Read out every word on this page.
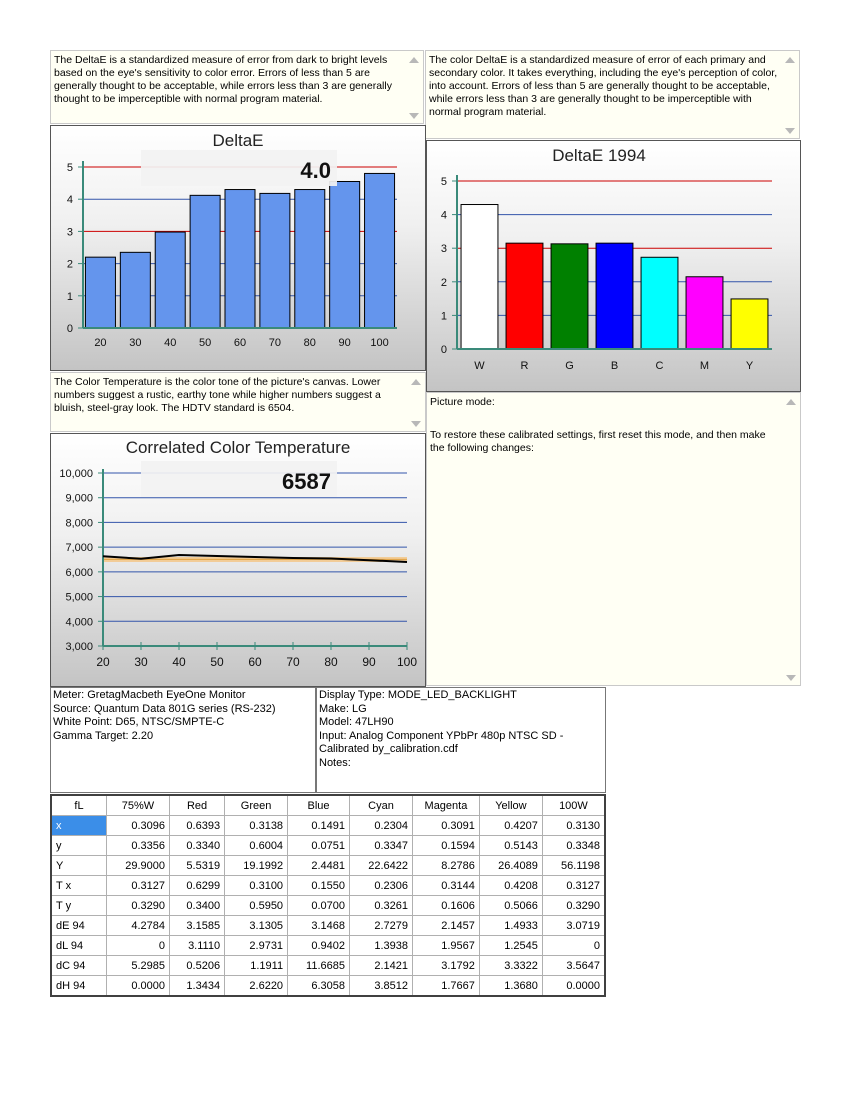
The DeltaE is a standardized measure of error from dark to bright levels based on the eye's sensitivity to color error. Errors of less than 5 are generally thought to be acceptable, while errors less than 3 are generally thought to be imperceptible with normal program material.
The color DeltaE is a standardized measure of error of each primary and secondary color. It takes everything, including the eye's perception of color, into account. Errors of less than 5 are generally thought to be acceptable, while errors less than 3 are generally thought to be imperceptible with normal program material.
DeltaE
0
1
2
3
4
5
20 30 40 50 60 70 80 90 100
4.0
DeltaE 1994
0
1
2
3
4
5
W	R	G	B	C	M	Y
The Color Temperature is the color tone of the picture's canvas. Lower numbers suggest a rustic, earthy tone while higher numbers suggest a bluish, steel-gray look. The HDTV standard is 6504.	Picture mode:
To restore these calibrated settings, first reset this mode, and then make the following changes:
Correlated Color Temperature
3,000
4,000
5,000
6,000
7,000
8,000
9,000
10,000
20 30 40 50 60 70 80 90 100
6587
Meter: GretagMacbeth EyeOne Monitor
Source: Quantum Data 801G series (RS-232)
White Point: D65, NTSC/SMPTE-C
Gamma Target: 2.20
Display Type: MODE_LED_BACKLIGHT
Make: LG
Model: 47LH90
Input: Analog Component YPbPr 480p NTSC SD -
Calibrated by_calibration.cdf
Notes:
fL	75%W	Red	Green	Blue	Cyan	Magenta	Yellow	100W
x	0.3096	0.6393	0.3138	0.1491	0.2304	0.3091	0.4207	0.3130
y	0.3356	0.3340	0.6004	0.0751	0.3347	0.1594	0.5143	0.3348
Y	29.9000	5.5319	19.1992	2.4481	22.6422	8.2786	26.4089	56.1198
T x	0.3127	0.6299	0.3100	0.1550	0.2306	0.3144	0.4208	0.3127
T y	0.3290	0.3400	0.5950	0.0700	0.3261	0.1606	0.5066	0.3290
dE 94	4.2784	3.1585	3.1305	3.1468	2.7279	2.1457	1.4933	3.0719
dL 94	0	3.1110	2.9731	0.9402	1.3938	1.9567	1.2545	0
dC 94	5.2985	0.5206	1.1911	11.6685	2.1421	3.1792	3.3322	3.5647
dH 94	0.0000	1.3434	2.6220	6.3058	3.8512	1.7667	1.3680	0.0000
